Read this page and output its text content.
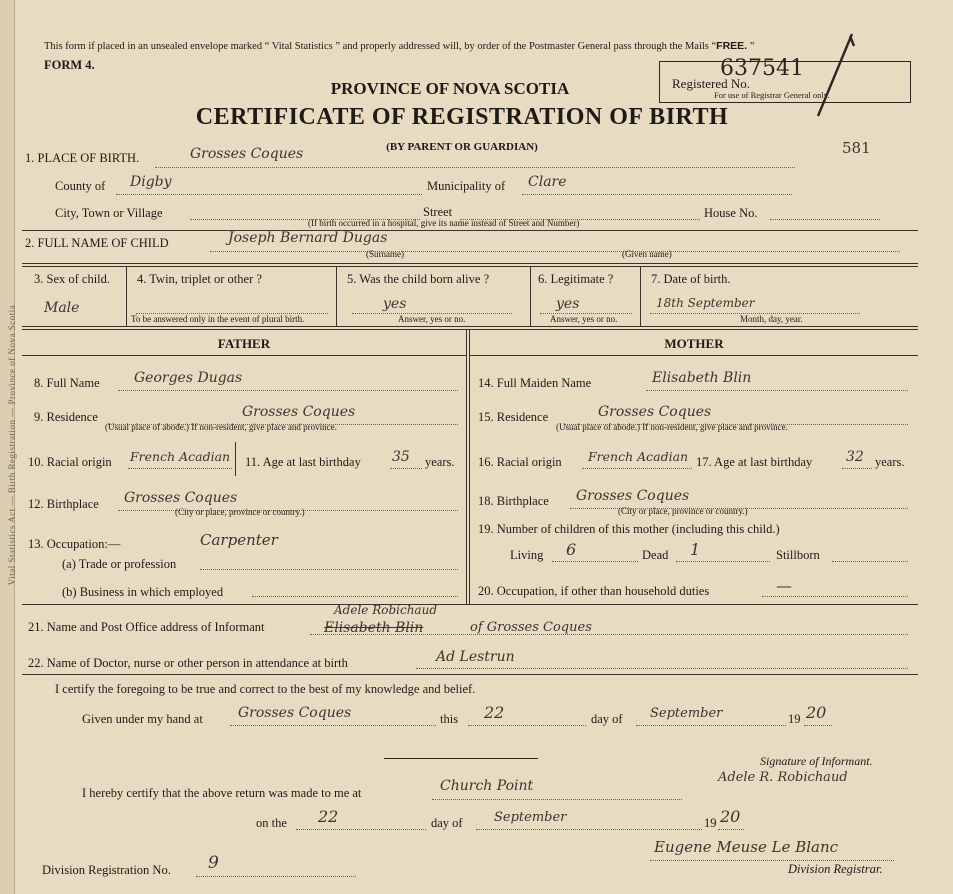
Vital Statistics Act — Birth Registration — Province of Nova Scotia
This form if placed in an unsealed envelope marked “ Vital Statistics ” and properly addressed will, by order of the Postmaster General pass through the Mails “FREE. ”
FORM 4.
Registered No.
637541
For use of Registrar General only.
PROVINCE OF NOVA SCOTIA
CERTIFICATE OF REGISTRATION OF BIRTH
(BY PARENT OR GUARDIAN)	581
1. PLACE OF BIRTH.	Grosses Coques
County of Digby	Municipality of Clare
City, Town or Village	Street	House No.
(If birth occurred in a hospital, give its name instead of Street and Number)
2. FULL NAME OF CHILD	Joseph Bernard Dugas
(Surname)	(Given name)
3. Sex of child.
Male
4. Twin, triplet or other ?
To be answered only in the event of plural birth.
5. Was the child born alive ?
yes
Answer, yes or no.
6. Legitimate ?
yes
Answer, yes or no.
7. Date of birth.
18th September
Month, day, year.
FATHER	MOTHER
8. Full Name Georges Dugas
9. Residence	Grosses Coques
(Usual place of abode.) If non-resident, give place and province.
10. Racial origin French Acadian 11. Age at last birthday 35 years.
12. Birthplace Grosses Coques
(City or place, province or country.)
13. Occupation:—	Carpenter
(a) Trade or profession
(b) Business in which employed
14. Full Maiden Name	Elisabeth Blin
15. Residence	Grosses Coques
(Usual place of abode.) If non-resident, give place and province.
16. Racial origin French Acadian 17. Age at last birthday 32 years.
18. Birthplace Grosses Coques
(City or place, province or country.)
19. Number of children of this mother (including this child.)
Living 6	Dead 1	Stillborn
20. Occupation, if other than household duties	—
21. Name and Post Office address of Informant
Adele Robichaud
Elisabeth Blin	of Grosses Coques
22. Name of Doctor, nurse or other person in attendance at birth	Ad Lestrun
I certify the foregoing to be true and correct to the best of my knowledge and belief.
Given under my hand at	Grosses Coques	this 22	day of September	19 20
Signature of Informant.
Adele R. Robichaud
I hereby certify that the above return was made to me at	Church Point
on the 22	day of September	19 20
Eugene Meuse Le Blanc
Division Registrar.
Division Registration No. 9
